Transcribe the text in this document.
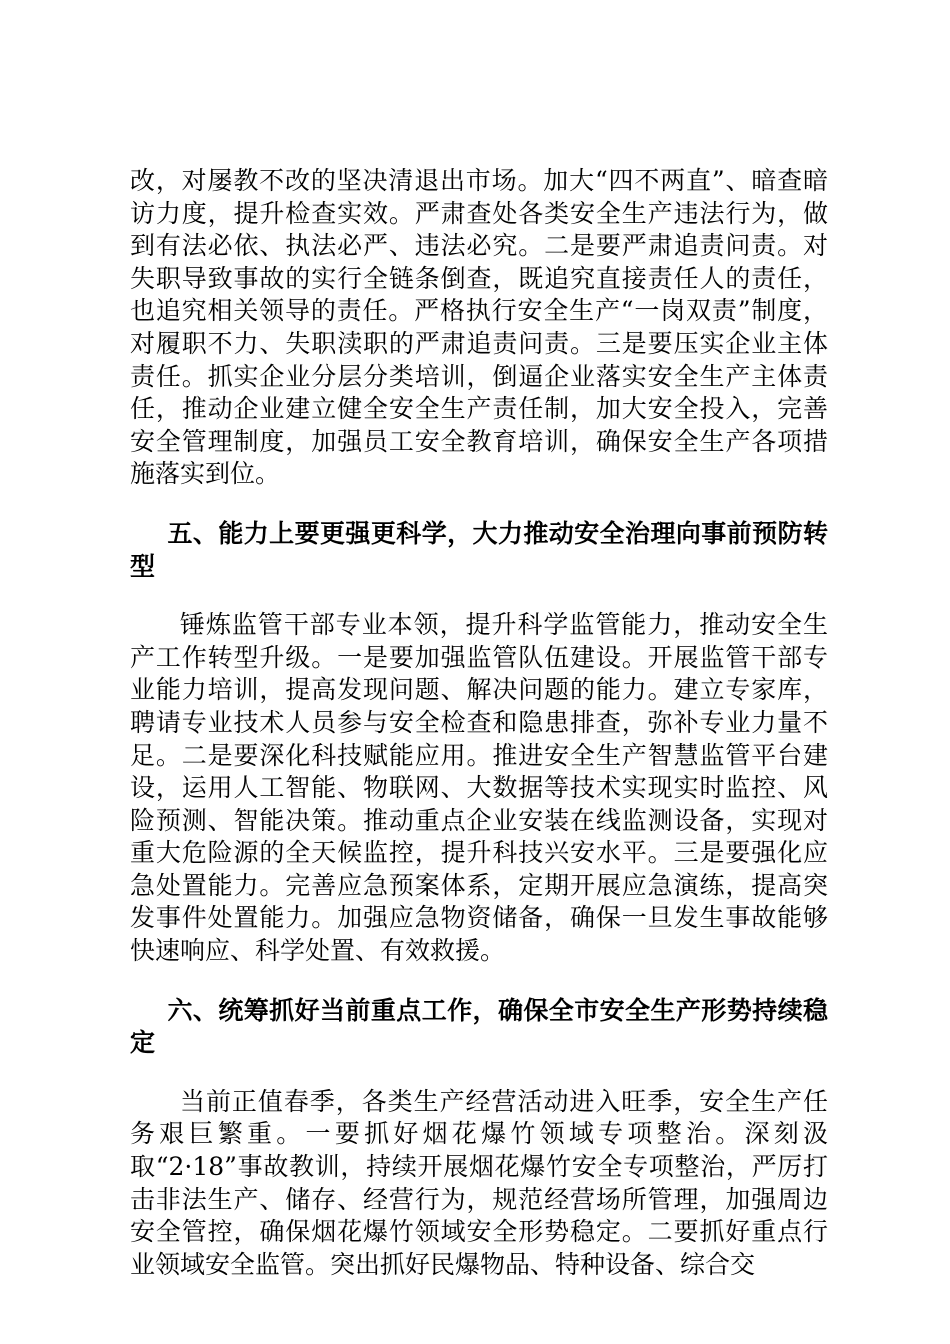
改，对屡教不改的坚决清退出市场。加大“四不两直”、暗查暗访力度，提升检查实效。严肃查处各类安全生产违法行为，做到有法必依、执法必严、违法必究。二是要严肃追责问责。对失职导致事故的实行全链条倒查，既追究直接责任人的责任，也追究相关领导的责任。严格执行安全生产“一岗双责”制度，对履职不力、失职渎职的严肃追责问责。三是要压实企业主体责任。抓实企业分层分类培训，倒逼企业落实安全生产主体责任，推动企业建立健全安全生产责任制，加大安全投入，完善安全管理制度，加强员工安全教育培训，确保安全生产各项措施落实到位。

五、能力上要更强更科学，大力推动安全治理向事前预防转型

锤炼监管干部专业本领，提升科学监管能力，推动安全生产工作转型升级。一是要加强监管队伍建设。开展监管干部专业能力培训，提高发现问题、解决问题的能力。建立专家库，聘请专业技术人员参与安全检查和隐患排查，弥补专业力量不足。二是要深化科技赋能应用。推进安全生产智慧监管平台建设，运用人工智能、物联网、大数据等技术实现实时监控、风险预测、智能决策。推动重点企业安装在线监测设备，实现对重大危险源的全天候监控，提升科技兴安水平。三是要强化应急处置能力。完善应急预案体系，定期开展应急演练，提高突发事件处置能力。加强应急物资储备，确保一旦发生事故能够快速响应、科学处置、有效救援。

六、统筹抓好当前重点工作，确保全市安全生产形势持续稳定

当前正值春季，各类生产经营活动进入旺季，安全生产任务艰巨繁重。一要抓好烟花爆竹领域专项整治。深刻汲取“2·18”事故教训，持续开展烟花爆竹安全专项整治，严厉打击非法生产、储存、经营行为，规范经营场所管理，加强周边安全管控，确保烟花爆竹领域安全形势稳定。二要抓好重点行业领域安全监管。突出抓好民爆物品、特种设备、综合交
